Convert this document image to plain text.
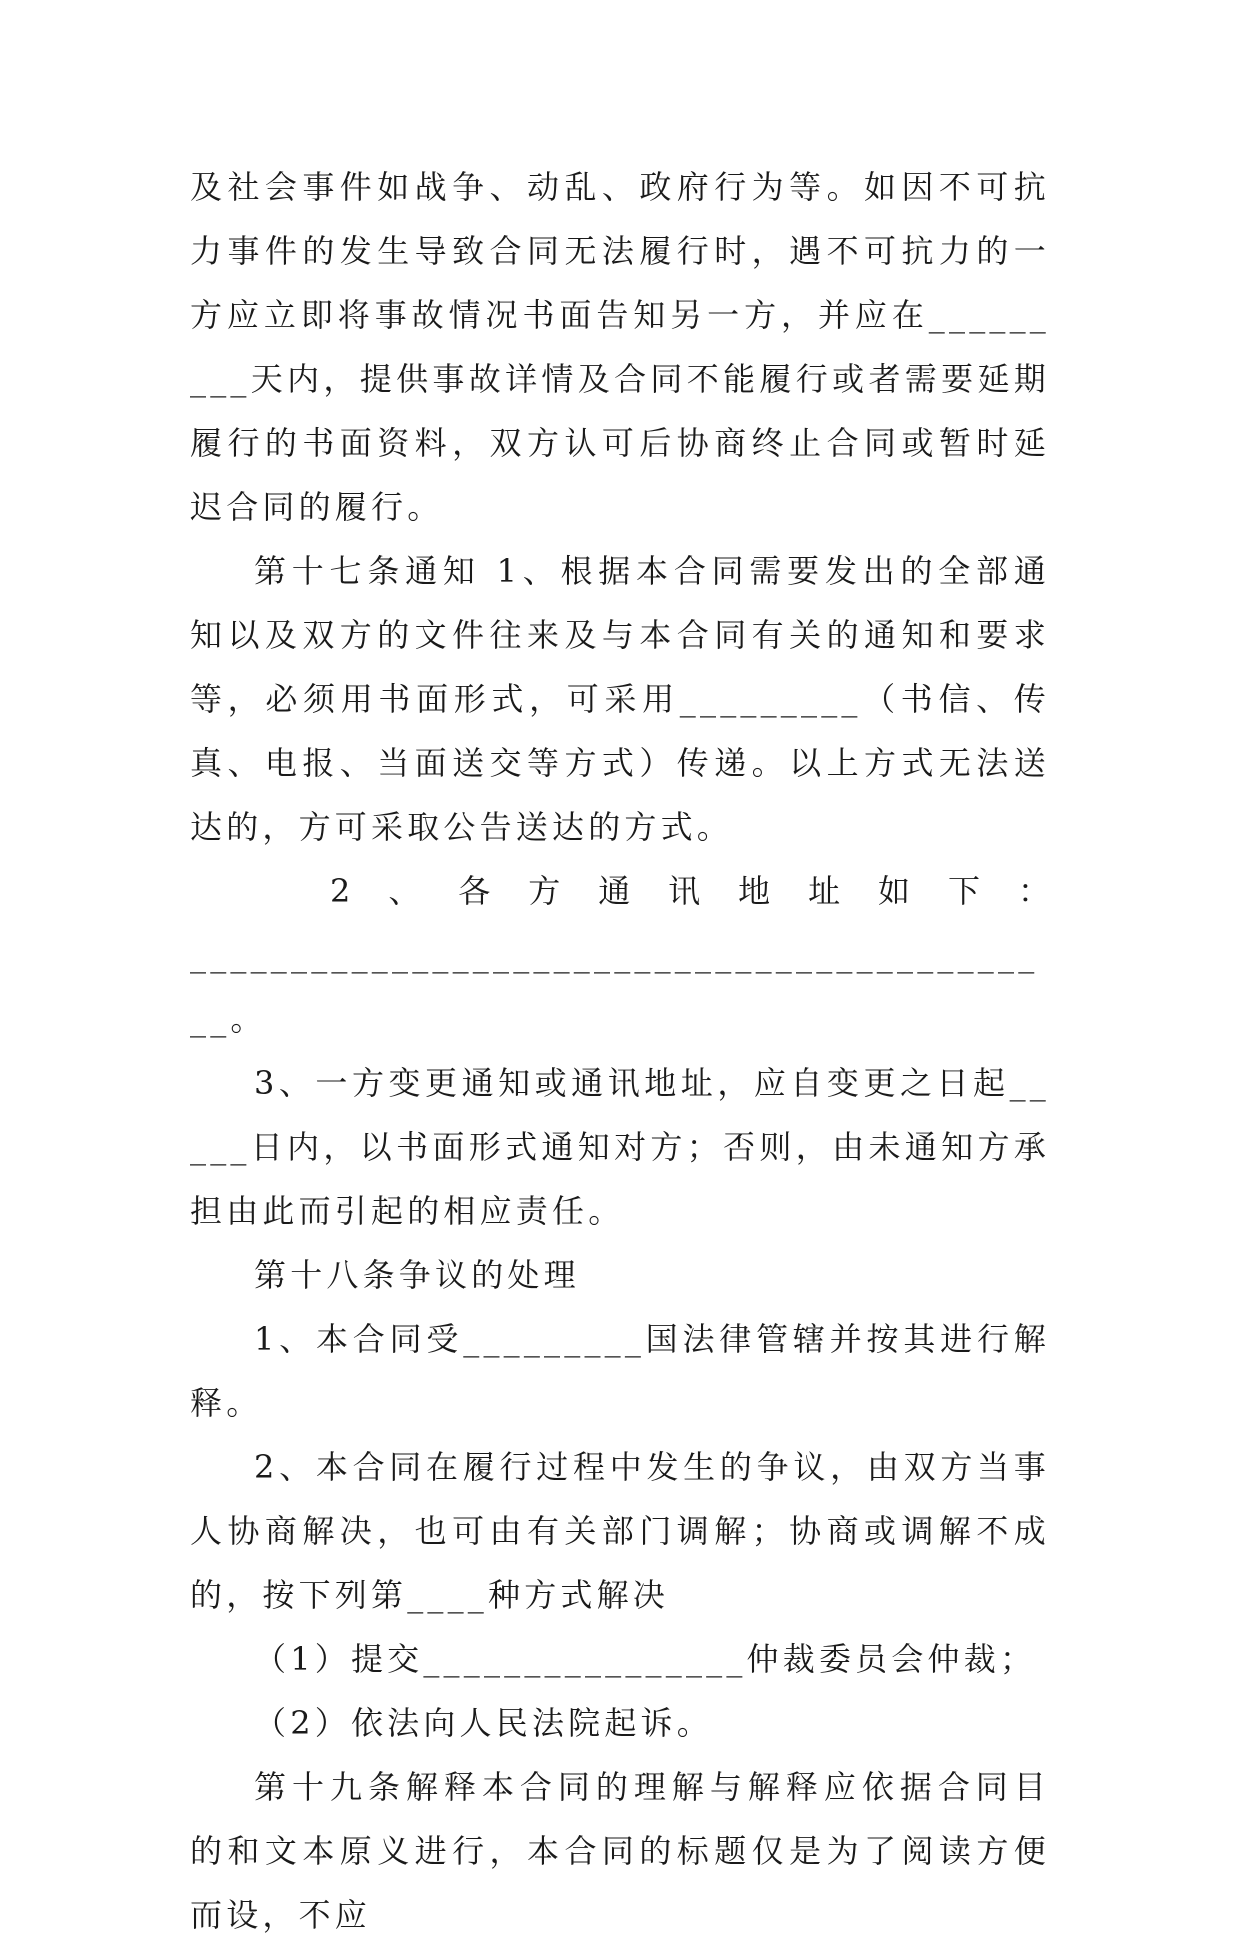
及社会事件如战争、动乱、政府行为等。如因不可抗力事件的发生导致合同无法履行时，遇不可抗力的一方应立即将事故情况书面告知另一方，并应在_________天内，提供事故详情及合同不能履行或者需要延期履行的书面资料，双方认可后协商终止合同或暂时延迟合同的履行。

第十七条通知 1、根据本合同需要发出的全部通知以及双方的文件往来及与本合同有关的通知和要求等，必须用书面形式，可采用_________（书信、传真、电报、当面送交等方式）传递。以上方式无法送达的，方可采取公告送达的方式。

2、各方通讯地址如下：

____________________________________________。

3、一方变更通知或通讯地址，应自变更之日起_____日内，以书面形式通知对方；否则，由未通知方承担由此而引起的相应责任。

第十八条争议的处理

1、本合同受_________国法律管辖并按其进行解释。

2、本合同在履行过程中发生的争议，由双方当事人协商解决，也可由有关部门调解；协商或调解不成的，按下列第____种方式解决

（1）提交________________仲裁委员会仲裁；

（2）依法向人民法院起诉。

第十九条解释本合同的理解与解释应依据合同目的和文本原义进行，本合同的标题仅是为了阅读方便而设，不应
